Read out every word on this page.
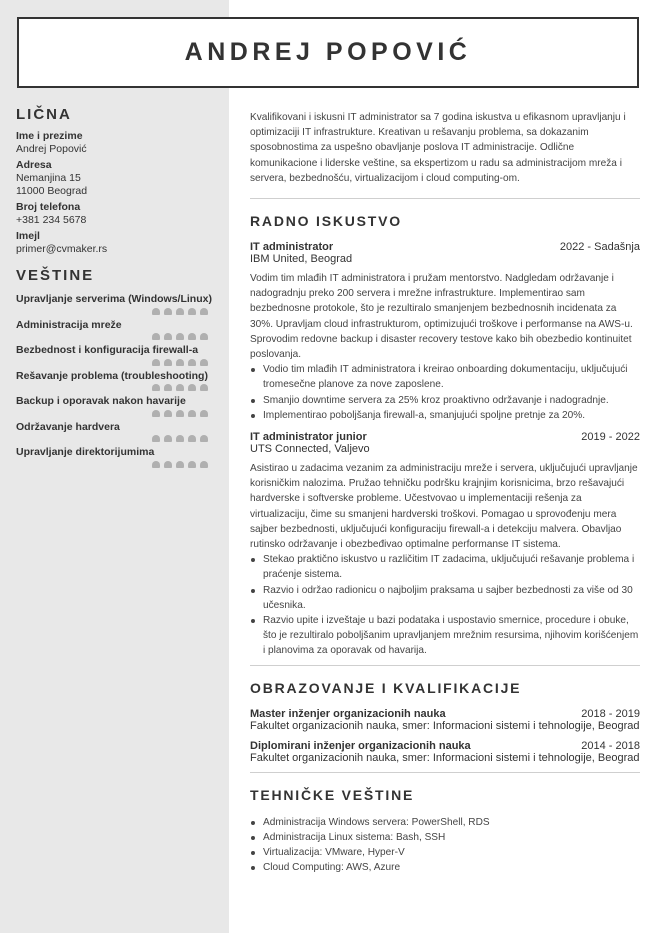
ANDREJ POPOVIĆ
LIČNA
Ime i prezime
Andrej Popović
Adresa
Nemanjina 15
11000 Beograd
Broj telefona
+381 234 5678
Imejl
primer@cvmaker.rs
VEŠTINE
Upravljanje serverima (Windows/Linux)
Administracija mreže
Bezbednost i konfiguracija firewall-a
Rešavanje problema (troubleshooting)
Backup i oporavak nakon havarije
Održavanje hardvera
Upravljanje direktorijumima

Kvalifikovani i iskusni IT administrator sa 7 godina iskustva u efikasnom upravljanju i optimizaciji IT infrastrukture. Kreativan u rešavanju problema, sa dokazanim sposobnostima za uspešno obavljanje poslova IT administracije. Odlične komunikacione i liderske veštine, sa ekspertizom u radu sa administracijom mreža i servera, bezbednošću, virtualizacijom i cloud computing-om.

RADNO ISKUSTVO
IT administrator	2022 - Sadašnja
IBM United, Beograd

Vodim tim mlađih IT administratora i pružam mentorstvo. Nadgledam održavanje i nadogradnju preko 200 servera i mrežne infrastrukture. Implementirao sam bezbednosne protokole, što je rezultiralo smanjenjem bezbednosnih incidenata za 30%. Upravljam cloud infrastrukturom, optimizujući troškove i performanse na AWS-u. Sprovodim redovne backup i disaster recovery testove kako bih obezbedio kontinuitet poslovanja.

Vodio tim mlađih IT administratora i kreirao onboarding dokumentaciju, uključujući tromesečne planove za nove zaposlene.
Smanjio downtime servera za 25% kroz proaktivno održavanje i nadogradnje.
Implementirao poboljšanja firewall-a, smanjujući spoljne pretnje za 20%.
IT administrator junior	2019 - 2022
UTS Connected, Valjevo

Asistirao u zadacima vezanim za administraciju mreže i servera, uključujući upravljanje korisničkim nalozima. Pružao tehničku podršku krajnjim korisnicima, brzo rešavajući hardverske i softverske probleme. Učestvovao u implementaciji rešenja za virtualizaciju, čime su smanjeni hardverski troškovi. Pomagao u sprovođenju mera sajber bezbednosti, uključujući konfiguraciju firewall-a i detekciju malvera. Obavljao rutinsko održavanje i obezbeđivao optimalne performanse IT sistema.

Stekao praktično iskustvo u različitim IT zadacima, uključujući rešavanje problema i praćenje sistema.
Razvio i održao radionicu o najboljim praksama u sajber bezbednosti za više od 30 učesnika.
Razvio upite i izveštaje u bazi podataka i uspostavio smernice, procedure i obuke, što je rezultiralo poboljšanim upravljanjem mrežnim resursima, njihovim korišćenjem i planovima za oporavak od havarija.
OBRAZOVANJE I KVALIFIKACIJE
Master inženjer organizacionih nauka	2018 - 2019
Fakultet organizacionih nauka, smer: Informacioni sistemi i tehnologije, Beograd
Diplomirani inženjer organizacionih nauka	2014 - 2018
Fakultet organizacionih nauka, smer: Informacioni sistemi i tehnologije, Beograd
TEHNIČKE VEŠTINE
Administracija Windows servera: PowerShell, RDS
Administracija Linux sistema: Bash, SSH
Virtualizacija: VMware, Hyper-V
Cloud Computing: AWS, Azure
